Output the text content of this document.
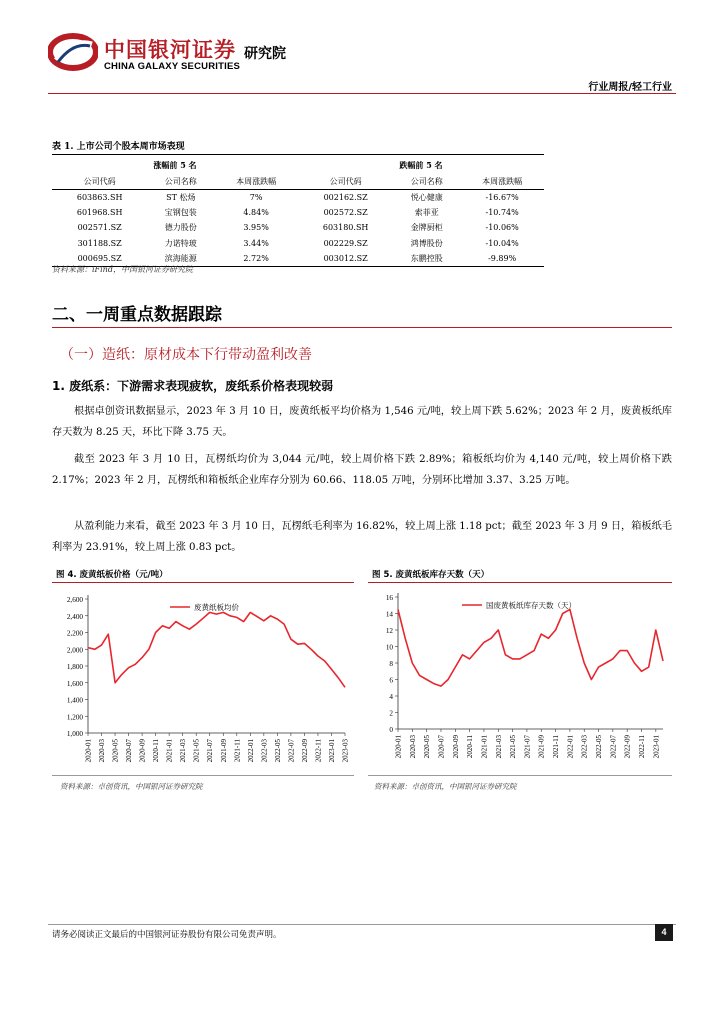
中国银河证券
CHINA GALAXY SECURITIES
研究院
行业周报/轻工行业
表 1. 上市公司个股本周市场表现
涨幅前 5 名			跌幅前 5 名		
公司代码	公司名称	本周涨跌幅	公司代码	公司名称	本周涨跌幅
603863.SH	ST 松炀	7%	002162.SZ	悦心健康	-16.67%
601968.SH	宝钢包装	4.84%	002572.SZ	索菲亚	-10.74%
002571.SZ	德力股份	3.95%	603180.SH	金牌厨柜	-10.06%
301188.SZ	力诺特玻	3.44%	002229.SZ	鸿博股份	-10.04%
000695.SZ	滨海能源	2.72%	003012.SZ	东鹏控股	-9.89%
资料来源：iFind，中国银河证券研究院
二、一周重点数据跟踪
（一）造纸：原材成本下行带动盈利改善
1. 废纸系：下游需求表现疲软，废纸系价格表现较弱

根据卓创资讯数据显示，2023 年 3 月 10 日，废黄纸板平均价格为 1,546 元/吨，较上周下跌 5.62%；2023 年 2 月，废黄板纸库存天数为 8.25 天，环比下降 3.75 天。

截至 2023 年 3 月 10 日，瓦楞纸均价为 3,044 元/吨，较上周价格下跌 2.89%；箱板纸均价为 4,140 元/吨，较上周价格下跌 2.17%；2023 年 2 月，瓦楞纸和箱板纸企业库存分别为 60.66、118.05 万吨，分别环比增加 3.37、3.25 万吨。

从盈利能力来看，截至 2023 年 3 月 10 日，瓦楞纸毛利率为 16.82%，较上周上涨 1.18 pct；截至 2023 年 3 月 9 日，箱板纸毛利率为 23.91%，较上周上涨 0.83 pct。

图 4. 废黄纸板价格（元/吨）
1,000
1,200
1,400
1,600
1,800
2,000
2,200
2,400
2,600
2020-01 2020-03 2020-05 2020-07 2020-09 2020-11 2021-01 2021-03 2021-05 2021-07 2021-09 2021-11 2022-01 2022-03 2022-05 2022-07 2022-09 2022-11 2023-01 2023-03
废黄纸板均价
资料来源：卓创资讯，中国银河证券研究院
图 5. 废黄纸板库存天数（天）
0
2
4
6
8
10
12
14
16
2020-01 2020-03 2020-05 2020-07 2020-09 2020-11 2021-01 2021-03 2021-05 2021-07 2021-09 2021-11 2022-01 2022-03 2022-05 2022-07 2022-09 2022-11 2023-01
国废黄板纸库存天数（天）
资料来源：卓创资讯，中国银河证券研究院
请务必阅读正文最后的中国银河证券股份有限公司免责声明。	4
